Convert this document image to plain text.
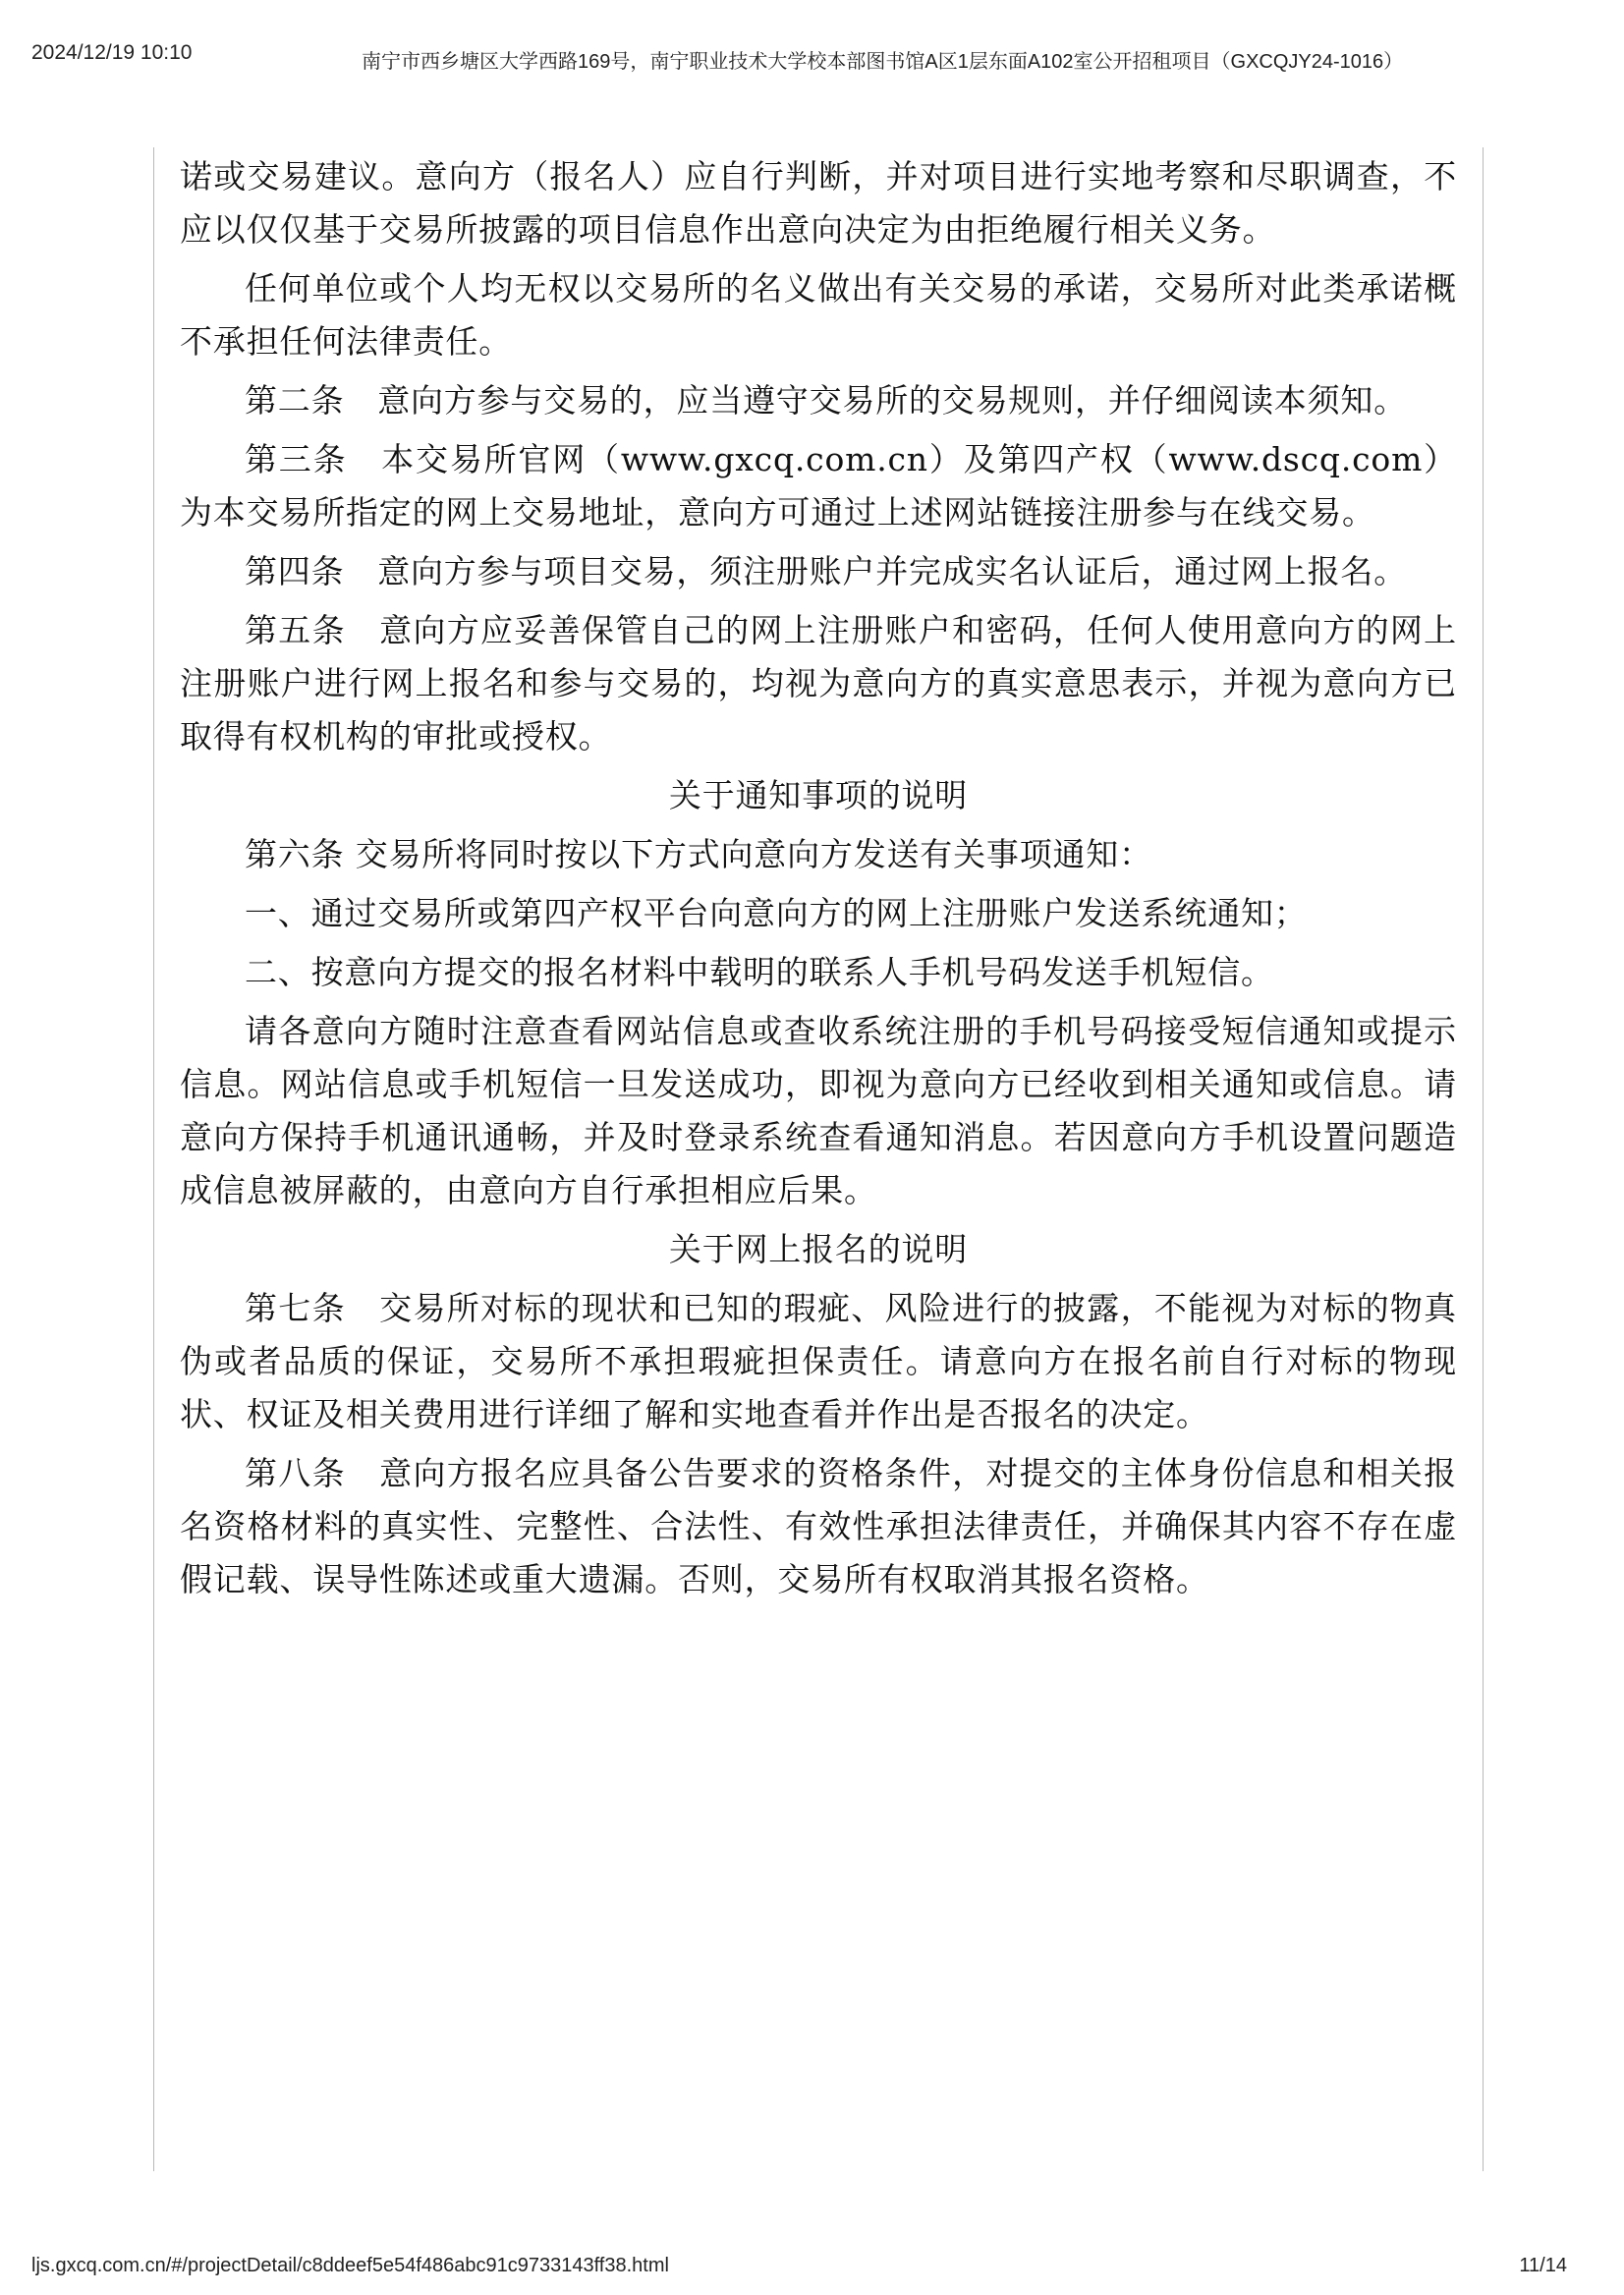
2024/12/19 10:10	南宁市西乡塘区大学西路169号，南宁职业技术大学校本部图书馆A区1层东面A102室公开招租项目（GXCQJY24-1016）

诺或交易建议。意向方（报名人）应自行判断，并对项目进行实地考察和尽职调查，不应以仅仅基于交易所披露的项目信息作出意向决定为由拒绝履行相关义务。

任何单位或个人均无权以交易所的名义做出有关交易的承诺，交易所对此类承诺概不承担任何法律责任。

第二条　意向方参与交易的，应当遵守交易所的交易规则，并仔细阅读本须知。

第三条　本交易所官网（www.gxcq.com.cn）及第四产权（www.dscq.com）为本交易所指定的网上交易地址，意向方可通过上述网站链接注册参与在线交易。

第四条　意向方参与项目交易，须注册账户并完成实名认证后，通过网上报名。

第五条　意向方应妥善保管自己的网上注册账户和密码，任何人使用意向方的网上注册账户进行网上报名和参与交易的，均视为意向方的真实意思表示，并视为意向方已取得有权机构的审批或授权。

关于通知事项的说明

第六条 交易所将同时按以下方式向意向方发送有关事项通知：

一、通过交易所或第四产权平台向意向方的网上注册账户发送系统通知；

二、按意向方提交的报名材料中载明的联系人手机号码发送手机短信。

请各意向方随时注意查看网站信息或查收系统注册的手机号码接受短信通知或提示信息。网站信息或手机短信一旦发送成功，即视为意向方已经收到相关通知或信息。请意向方保持手机通讯通畅，并及时登录系统查看通知消息。若因意向方手机设置问题造成信息被屏蔽的，由意向方自行承担相应后果。

关于网上报名的说明

第七条　交易所对标的现状和已知的瑕疵、风险进行的披露，不能视为对标的物真伪或者品质的保证，交易所不承担瑕疵担保责任。请意向方在报名前自行对标的物现状、权证及相关费用进行详细了解和实地查看并作出是否报名的决定。

第八条　意向方报名应具备公告要求的资格条件，对提交的主体身份信息和相关报名资格材料的真实性、完整性、合法性、有效性承担法律责任，并确保其内容不存在虚假记载、误导性陈述或重大遗漏。否则，交易所有权取消其报名资格。

ljs.gxcq.com.cn/#/projectDetail/c8ddeef5e54f486abc91c9733143ff38.html	11/14
